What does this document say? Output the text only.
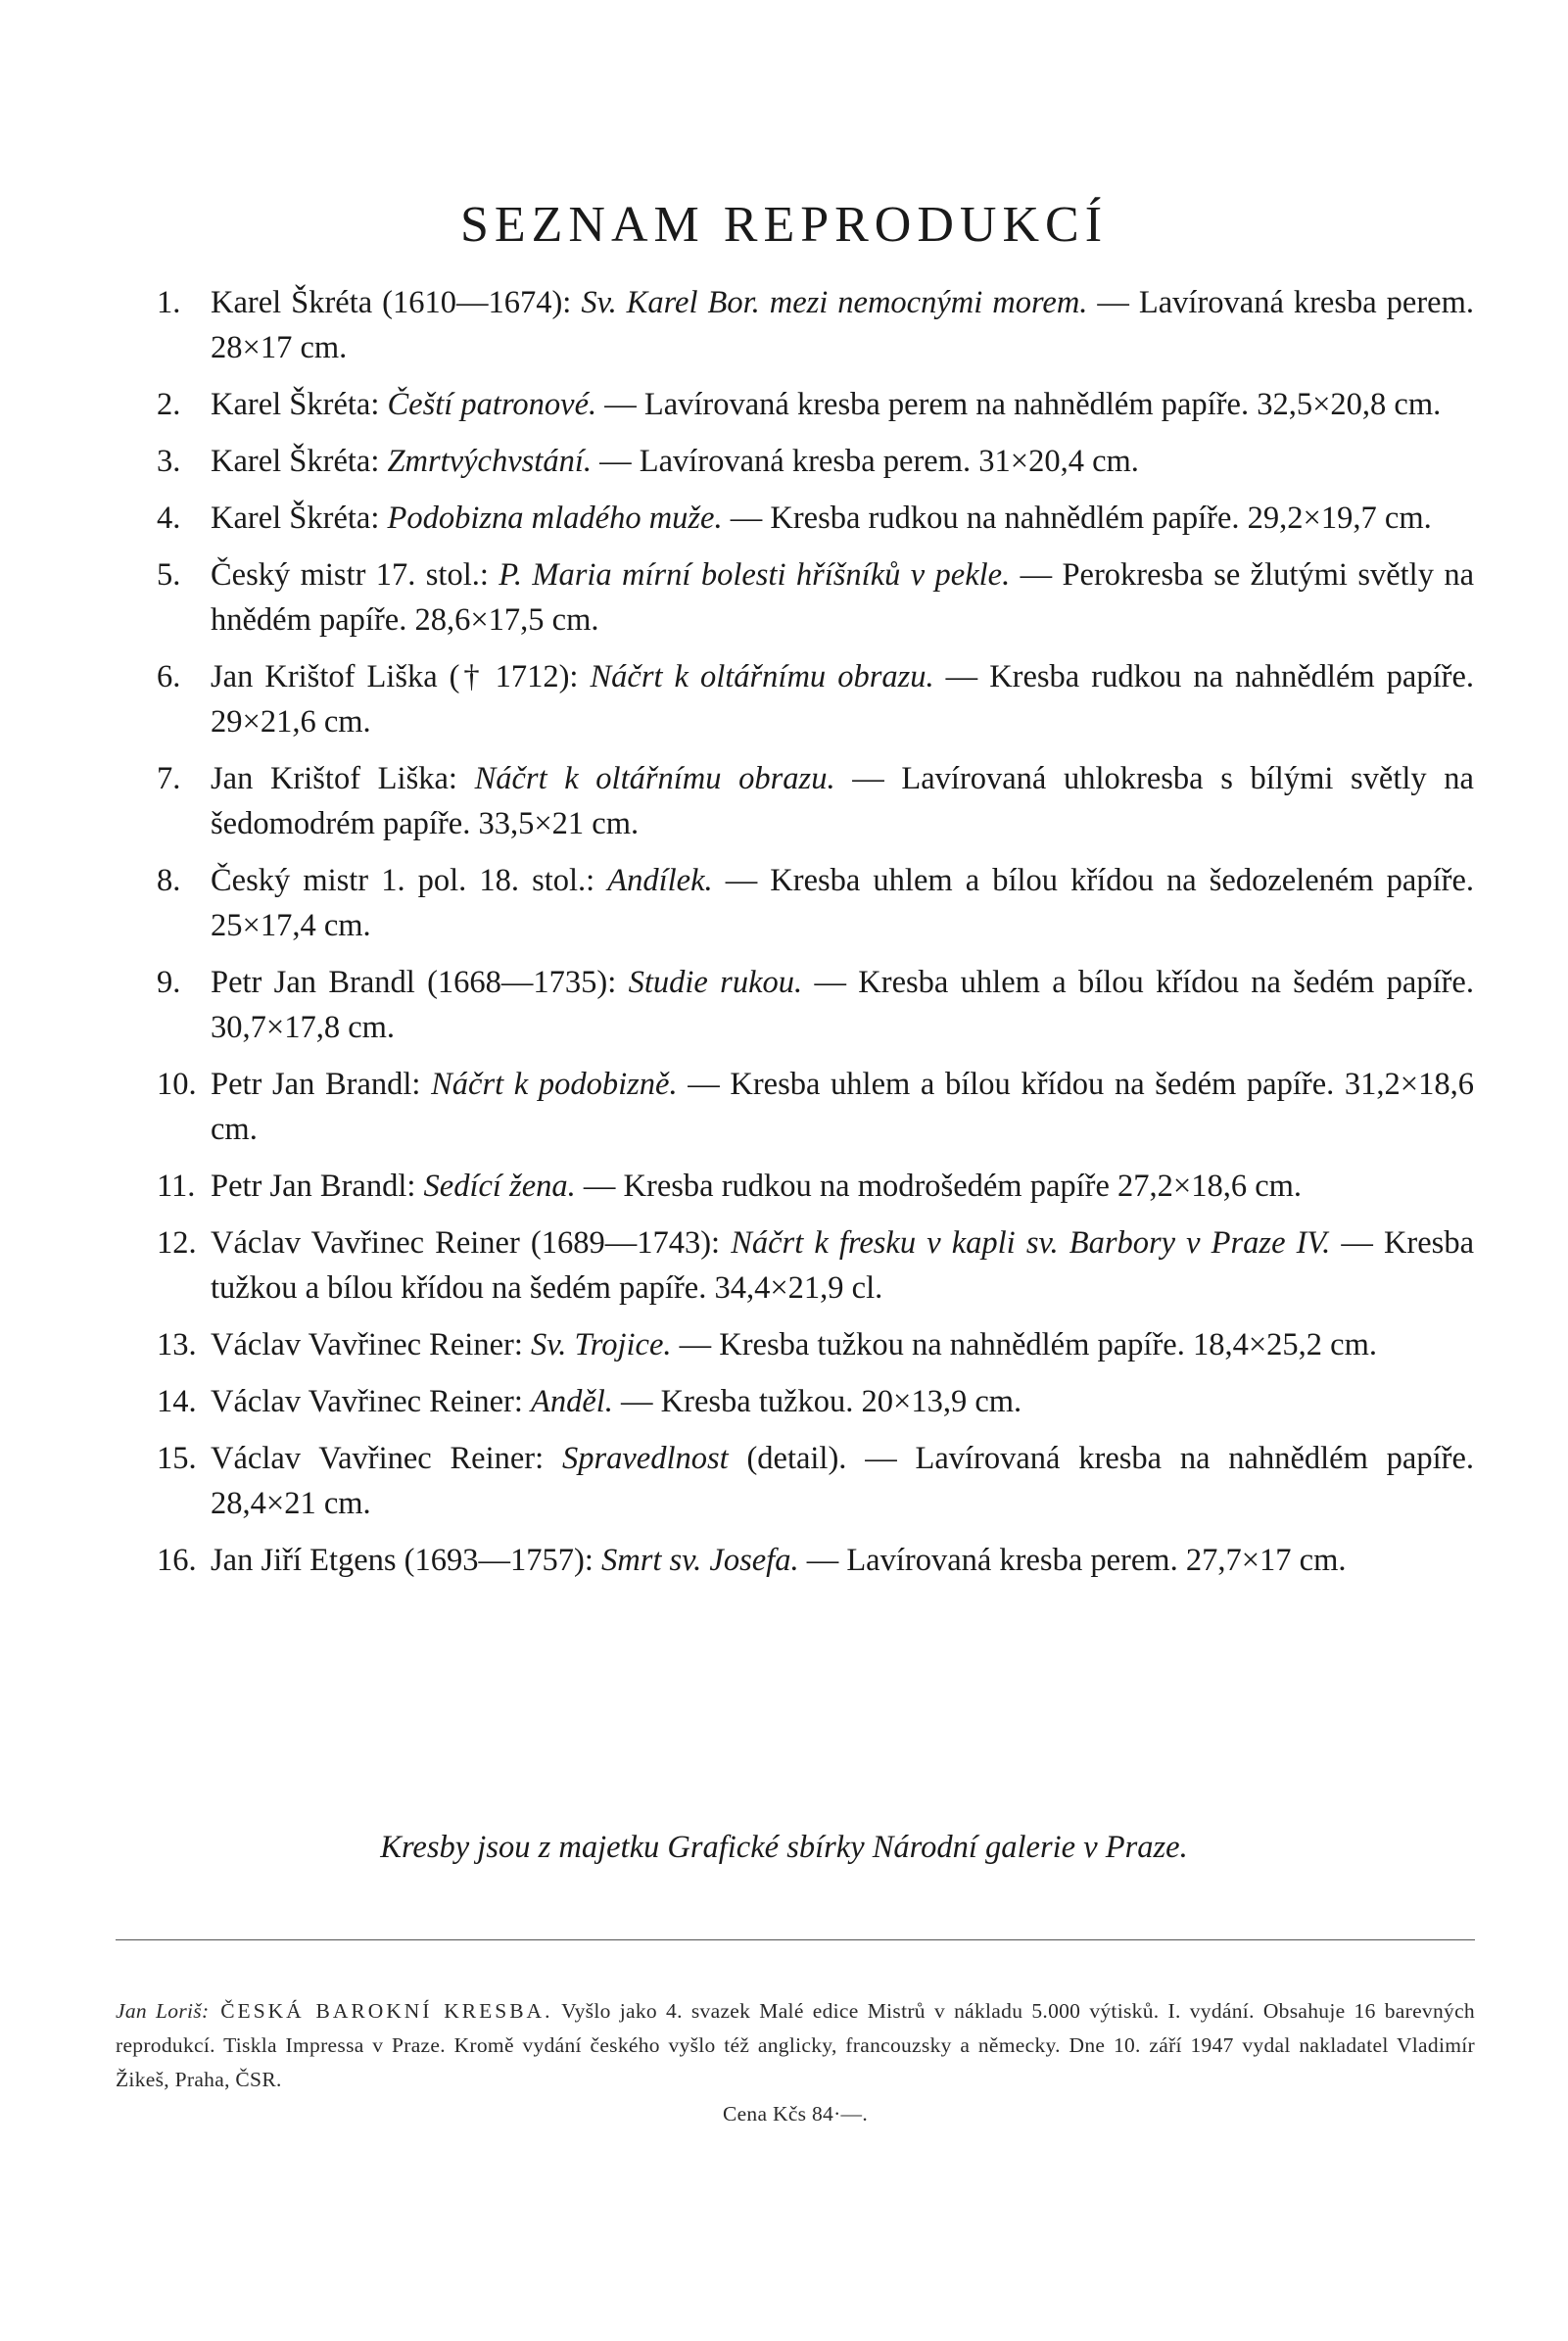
SEZNAM REPRODUKCÍ
1. Karel Škréta (1610—1674): Sv. Karel Bor. mezi nemocnými morem. — Lavírovaná kresba perem. 28×17 cm.
2. Karel Škréta: Čeští patronové. — Lavírovaná kresba perem na nahnědlém papíře. 32,5×20,8 cm.
3. Karel Škréta: Zmrtvýchvstání. — Lavírovaná kresba perem. 31×20,4 cm.
4. Karel Škréta: Podobizna mladého muže. — Kresba rudkou na nahnědlém papíře. 29,2×19,7 cm.
5. Český mistr 17. stol.: P. Maria mírní bolesti hříšníků v pekle. — Perokresba se žlutými světly na hnědém papíře. 28,6×17,5 cm.
6. Jan Krištof Liška († 1712): Náčrt k oltářnímu obrazu. — Kresba rudkou na nahnědlém papíře. 29×21,6 cm.
7. Jan Krištof Liška: Náčrt k oltářnímu obrazu. — Lavírovaná uhlokresba s bílými světly na šedomodrém papíře. 33,5×21 cm.
8. Český mistr 1. pol. 18. stol.: Andílek. — Kresba uhlem a bílou křídou na šedozeleném papíře. 25×17,4 cm.
9. Petr Jan Brandl (1668—1735): Studie rukou. — Kresba uhlem a bílou křídou na šedém papíře. 30,7×17,8 cm.
10. Petr Jan Brandl: Náčrt k podobizně. — Kresba uhlem a bílou křídou na šedém papíře. 31,2×18,6 cm.
11. Petr Jan Brandl: Sedící žena. — Kresba rudkou na modrošedém papíře 27,2×18,6 cm.
12. Václav Vavřinec Reiner (1689—1743): Náčrt k fresku v kapli sv. Barbory v Praze IV. — Kresba tužkou a bílou křídou na šedém papíře. 34,4×21,9 cl.
13. Václav Vavřinec Reiner: Sv. Trojice. — Kresba tužkou na nahnědlém papíře. 18,4×25,2 cm.
14. Václav Vavřinec Reiner: Anděl. — Kresba tužkou. 20×13,9 cm.
15. Václav Vavřinec Reiner: Spravedlnost (detail). — Lavírovaná kresba na nahnědlém papíře. 28,4×21 cm.
16. Jan Jiří Etgens (1693—1757): Smrt sv. Josefa. — Lavírovaná kresba perem. 27,7×17 cm.
Kresby jsou z majetku Grafické sbírky Národní galerie v Praze.
Jan Loriš: ČESKÁ BAROKNÍ KRESBA. Vyšlo jako 4. svazek Malé edice Mistrů v nákladu 5.000 výtisků. I. vydání. Obsahuje 16 barevných reprodukcí. Tiskla Impressa v Praze. Kromě vydání českého vyšlo též anglicky, francouzsky a německy. Dne 10. září 1947 vydal nakladatel Vladimír Žikeš, Praha, ČSR.
Cena Kčs 84·—.
